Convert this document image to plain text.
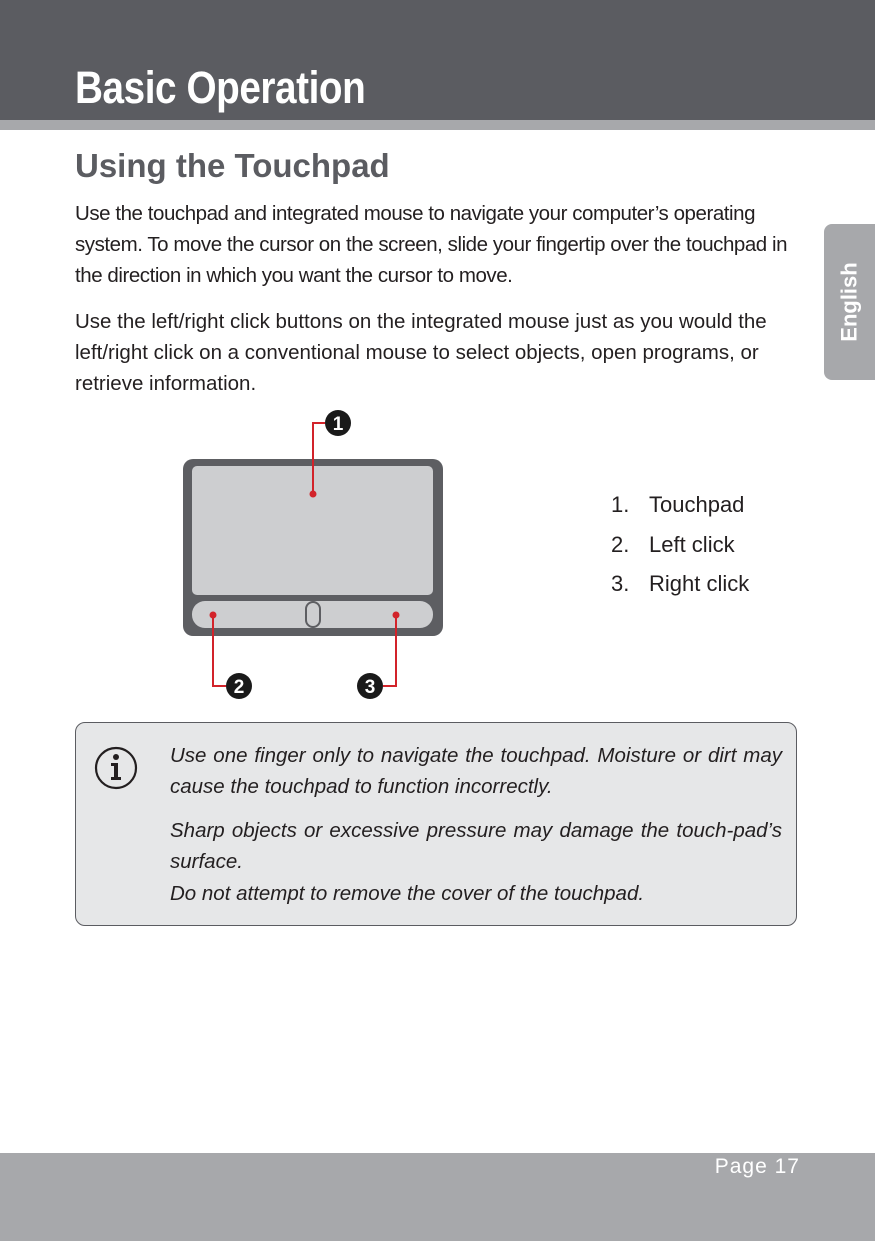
Basic Operation
English
Using the Touchpad
Use the touchpad and integrated mouse to navigate your computer’s operating system. To move the cursor on the screen, slide your fingertip over the touchpad in the direction in which you want the cursor to move.
Use the left/right click buttons on the integrated mouse just as you would the left/right click on a conventional mouse to select objects, open programs, or retrieve information.
1
2	3
1. Touchpad
2. Left click
3. Right click
Use one finger only to navigate the touchpad. Moisture or dirt may cause the touchpad to function incorrectly.
Sharp objects or excessive pressure may damage the touch-pad’s surface.
Do not attempt to remove the cover of the touchpad.
Page 17
